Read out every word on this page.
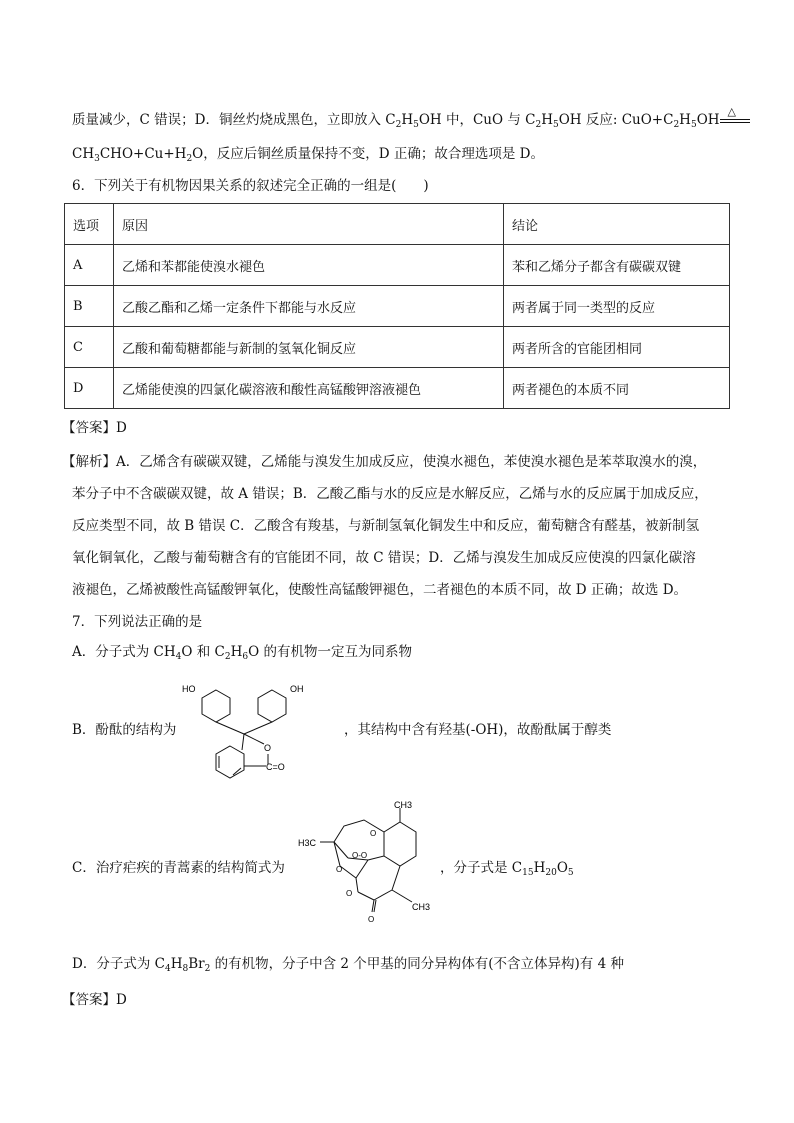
质量减少，C 错误；D．铜丝灼烧成黑色，立即放入 $C_2H_5OH$ 中，CuO 与 $C_2H_5OH$ 反应: $CuO+C_2H_5OH$
△
$CH_3CHO+Cu+H_2O$，反应后铜丝质量保持不变，D 正确；故合理选项是 D。
6．下列关于有机物因果关系的叙述完全正确的一组是(　　)
选项	原因	结论
A	乙烯和苯都能使溴水褪色	苯和乙烯分子都含有碳碳双键
B	乙酸乙酯和乙烯一定条件下都能与水反应	两者属于同一类型的反应
C	乙酸和葡萄糖都能与新制的氢氧化铜反应	两者所含的官能团相同
D	乙烯能使溴的四氯化碳溶液和酸性高锰酸钾溶液褪色	两者褪色的本质不同
【答案】D
【解析】A．乙烯含有碳碳双键，乙烯能与溴发生加成反应，使溴水褪色，苯使溴水褪色是苯萃取溴水的溴，
苯分子中不含碳碳双键，故 A 错误；B．乙酸乙酯与水的反应是水解反应，乙烯与水的反应属于加成反应，
反应类型不同，故 B 错误 C．乙酸含有羧基，与新制氢氧化铜发生中和反应，葡萄糖含有醛基，被新制氢
氧化铜氧化，乙酸与葡萄糖含有的官能团不同，故 C 错误；D．乙烯与溴发生加成反应使溴的四氯化碳溶
液褪色，乙烯被酸性高锰酸钾氧化，使酸性高锰酸钾褪色，二者褪色的本质不同，故 D 正确；故选 D。
7．下列说法正确的是
A．分子式为 $CH_4O$ 和 $C_2H_6O$ 的有机物一定互为同系物
B．酚酞的结构为
HO	OH
O
C=O
，其结构中含有羟基(-OH)，故酚酞属于醇类
C．治疗疟疾的青蒿素的结构简式为
CH3
H3C
CH3
O-O
O
O
O
O
，分子式是 $C_{15}H_{20}O_5$
D．分子式为 $C_4H_8Br_2$ 的有机物，分子中含 2 个甲基的同分异构体有(不含立体异构)有 4 种
【答案】D
